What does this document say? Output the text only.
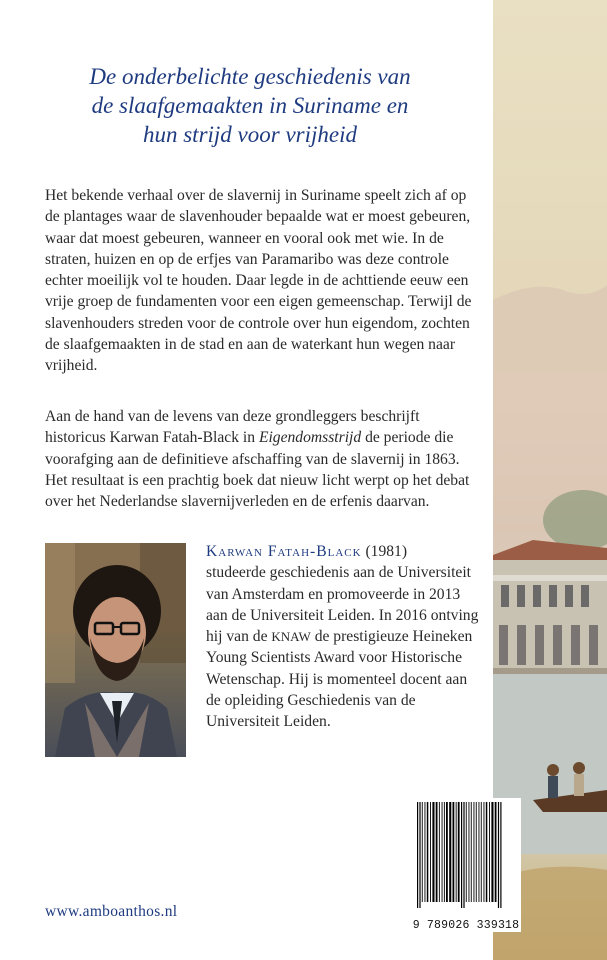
De onderbelichte geschiedenis van
de slaafgemaakten in Suriname en
hun strijd voor vrijheid

Het bekende verhaal over de slavernij in Suriname speelt zich af op de plantages waar de slavenhouder bepaalde wat er moest gebeuren, waar dat moest gebeuren, wanneer en vooral ook met wie. In de straten, huizen en op de erfjes van Paramaribo was deze controle echter moeilijk vol te houden. Daar legde in de achttiende eeuw een vrije groep de fundamenten voor een eigen gemeenschap. Terwijl de slavenhouders streden voor de controle over hun eigendom, zochten de slaafgemaakten in de stad en aan de waterkant hun wegen naar vrijheid.

Aan de hand van de levens van deze grondleggers beschrijft historicus Karwan Fatah-Black in Eigendomsstrijd de periode die voorafging aan de definitieve afschaffing van de slavernij in 1863. Het resultaat is een prachtig boek dat nieuw licht werpt op het debat over het Nederlandse slavernijverleden en de erfenis daarvan.

Karwan Fatah-Black (1981)
studeerde geschiedenis aan de Universiteit van Amsterdam en promoveerde in 2013 aan de Universiteit Leiden. In 2016 ontving hij van de KNAW de prestigieuze Heineken Young Scientists Award voor Historische Wetenschap. Hij is momenteel docent aan de opleiding Geschiedenis van de Universiteit Leiden.
www.amboanthos.nl
9 789026 339318
